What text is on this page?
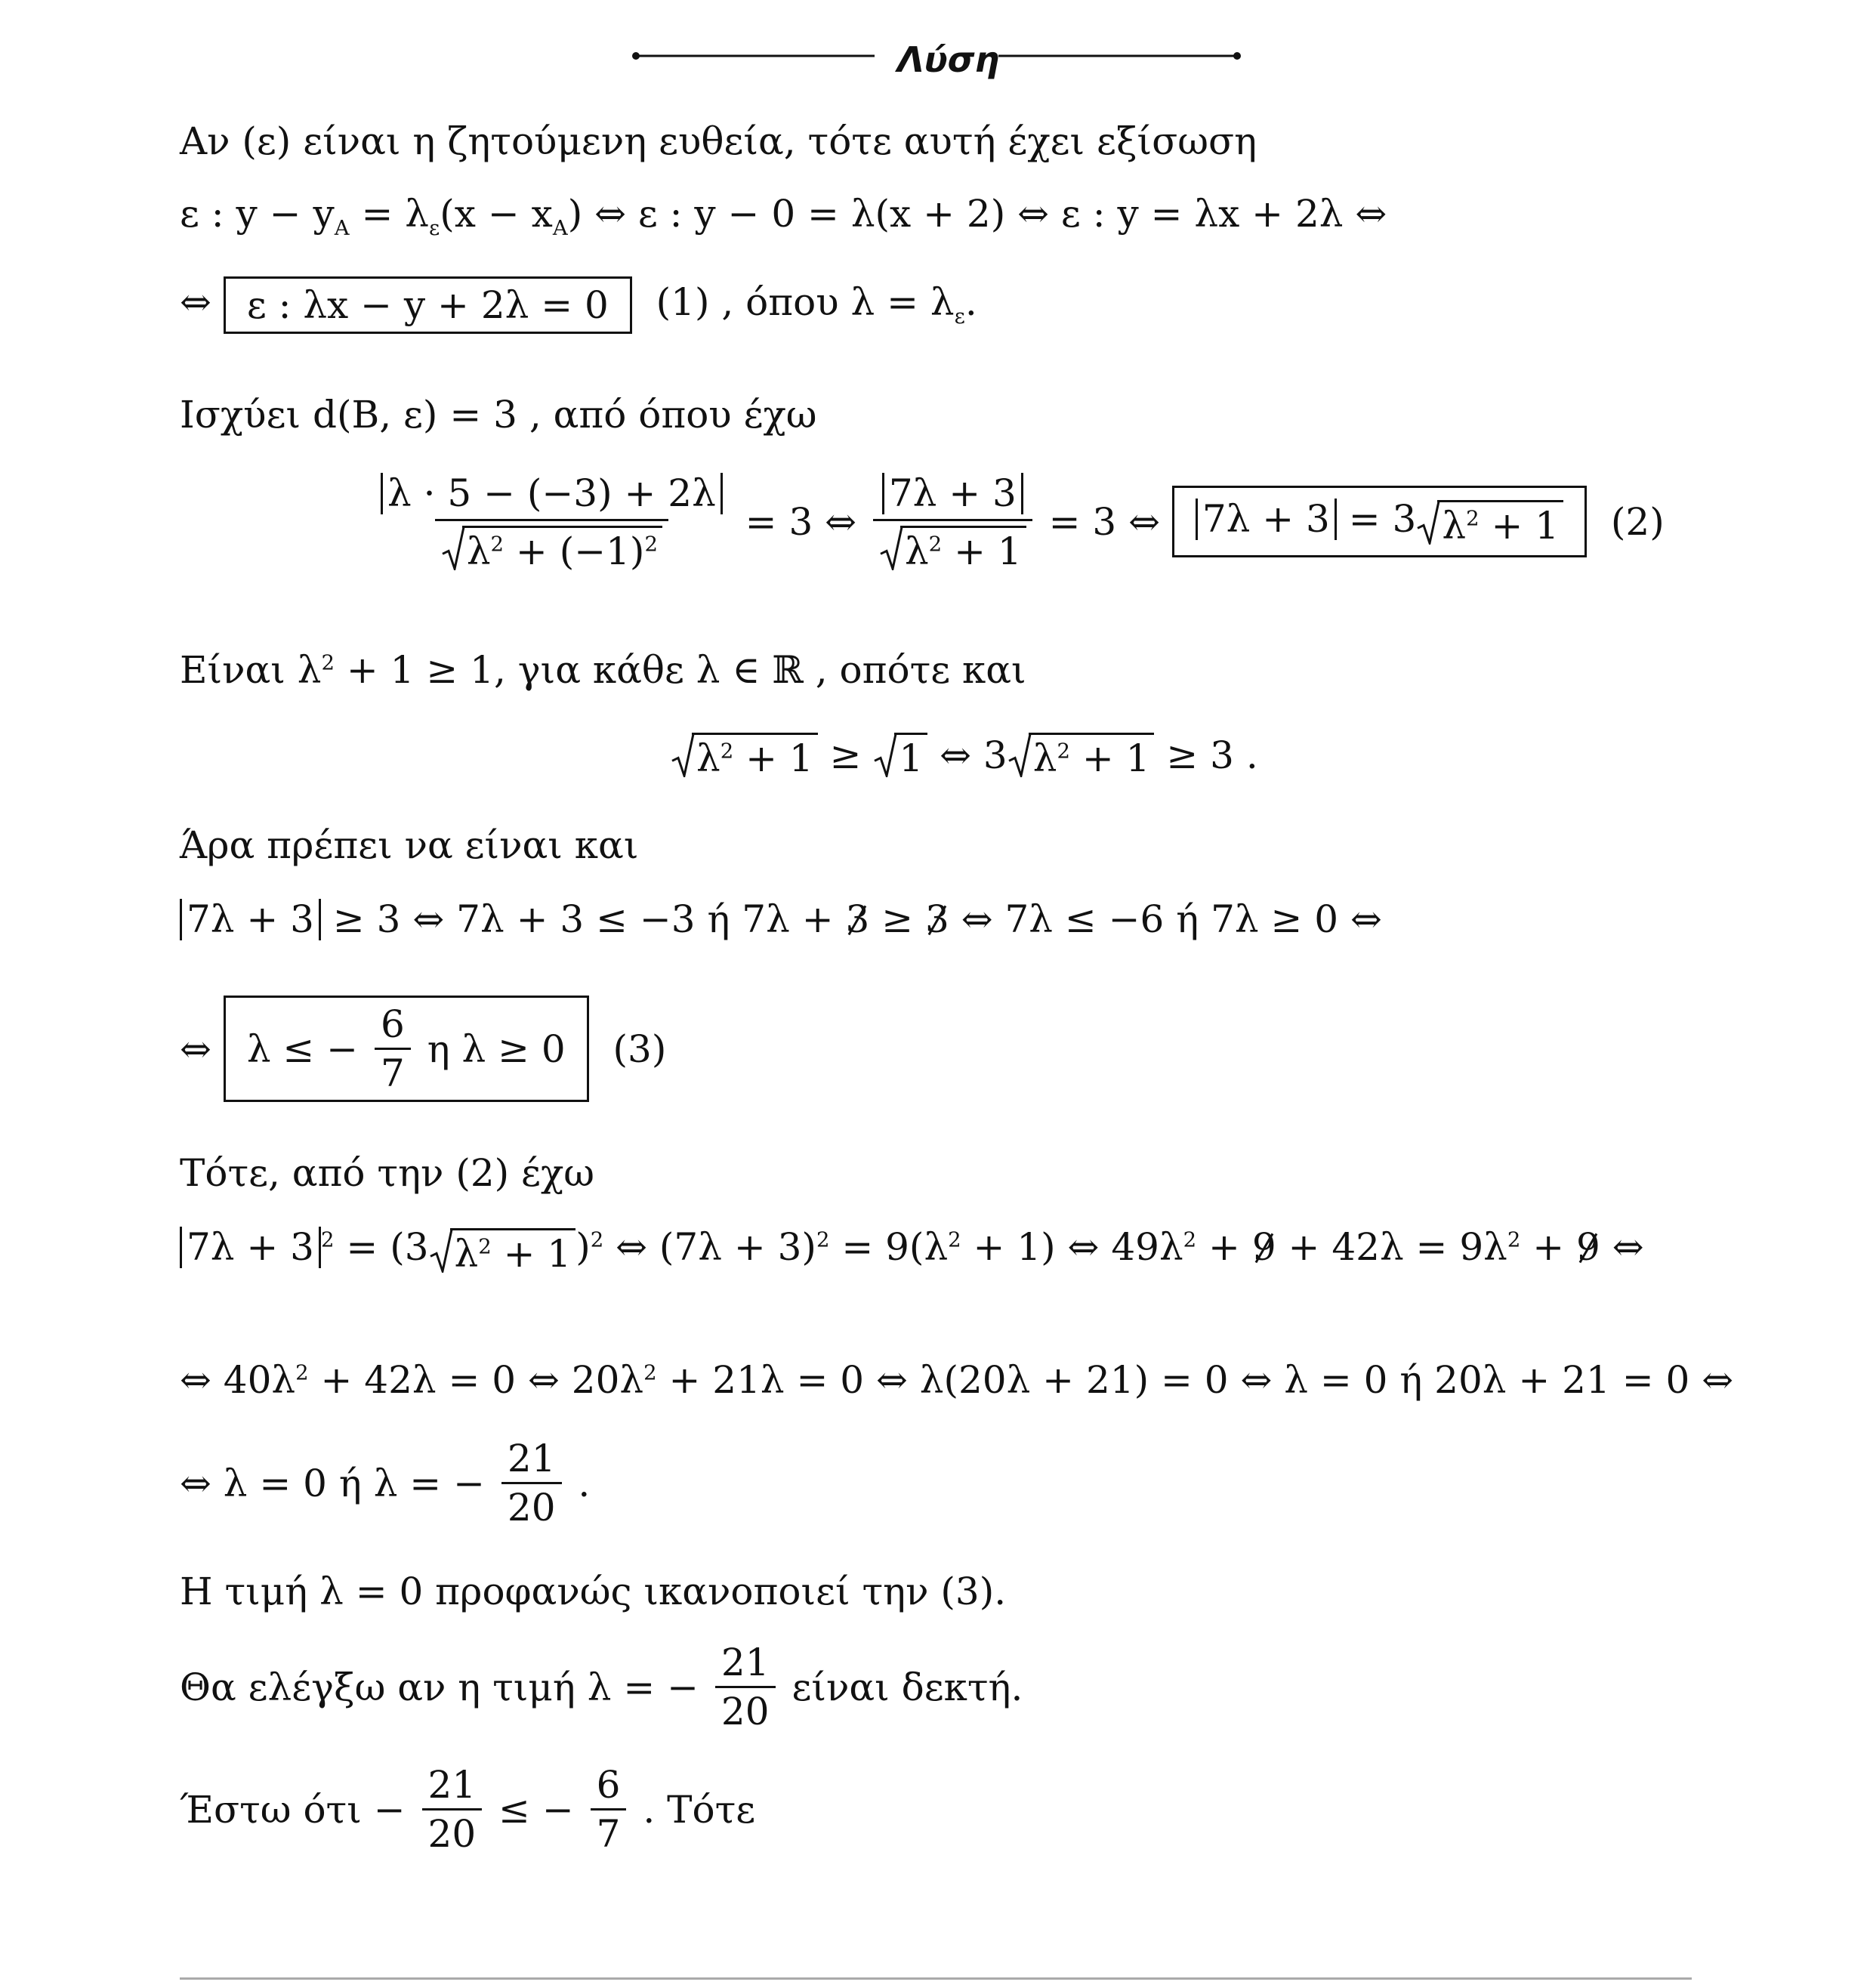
Λύση
Αν (ε) είναι η ζητούμενη ευθεία, τότε αυτή έχει εξίσωση
ε : $y - y_A = \lambda_\varepsilon(x - x_A)$ ⇔ ε : y − 0 = λ(x + 2) ⇔ ε : y = λx + 2λ ⇔
⇔ ε : λx − y + 2λ = 0 (1) , όπου $\lambda = \lambda_\varepsilon$.
Ισχύει d(B, ε) = 3 , από όπου έχω
$\frac{\lambda \cdot 5 - (-3) + 2\lambda}{\lambda^2 + (-1)^2} = 3$ ⇔ $\frac{7\lambda + 3}{\lambda^2 + 1} = 3$ ⇔ 7λ + 3 = 3 $\lambda^2 + 1$ (2)
Είναι $\lambda^2 + 1 \ge 1$, για κάθε λ ∈ ℝ , οπότε και
$\lambda^2 + 1 \ge 1$ ⇔ 3 $\lambda^2 + 1 \ge 3$ .
Άρα πρέπει να είναι και
7λ + 3 ≥ 3 ⇔ 7λ + 3 ≤ −3 ή 7λ + 3 ≥ 3 ⇔ 7λ ≤ −6 ή 7λ ≥ 0 ⇔
⇔ λ ≤ − $\frac{6}{7}$ η λ ≥ 0 (3)
Τότε, από την (2) έχω
7λ + 3 $^2$ = (3 $\lambda^2 + 1$ )$^2$ ⇔ $(7\lambda + 3)^2 = 9(\lambda^2 + 1)$ ⇔ $49\lambda^2 + 9 + 42\lambda = 9\lambda^2 + 9$ ⇔
⇔ $40\lambda^2 + 42\lambda = 0$ ⇔ $20\lambda^2 + 21\lambda = 0$ ⇔ λ(20λ + 21) = 0 ⇔ λ = 0 ή 20λ + 21 = 0 ⇔
⇔ λ = 0 ή λ = − $\frac{21}{20}$ .
Η τιμή λ = 0 προφανώς ικανοποιεί την (3).
Θα ελέγξω αν η τιμή λ = − $\frac{21}{20}$ είναι δεκτή.
Έστω $ό\tau\iota - \frac{21}{20}$ ≤ − $\frac{6}{7}$ . Τότε
